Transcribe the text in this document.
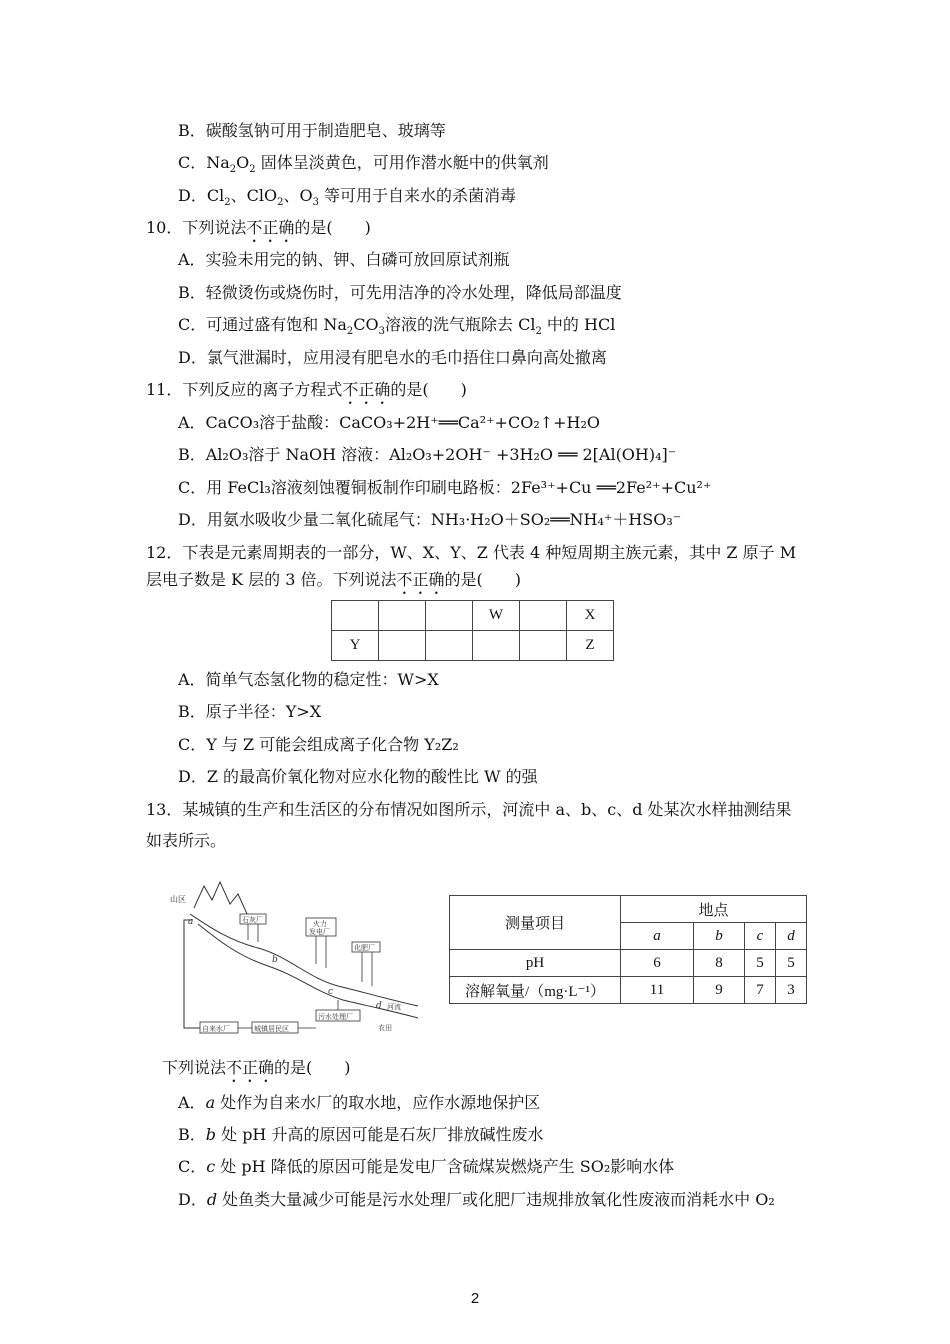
B．碳酸氢钠可用于制造肥皂、玻璃等
C．$Na_2O_2$ 固体呈淡黄色，可用作潜水艇中的供氧剂
D．$Cl_2$、ClO$_2$、$O_3$ 等可用于自来水的杀菌消毒
10．下列说法不正确的是(　　)
A．实验未用完的钠、钾、白磷可放回原试剂瓶
B．轻微烫伤或烧伤时，可先用洁净的冷水处理，降低局部温度
C．可通过盛有饱和 $Na_2CO_3$溶液的洗气瓶除去 $Cl_2$ 中的 HCl
D．氯气泄漏时，应用浸有肥皂水的毛巾捂住口鼻向高处撤离
11．下列反应的离子方程式不正确的是(　　)
A．CaCO₃溶于盐酸：CaCO₃+2H⁺══Ca²⁺+CO₂↑+H₂O
B．Al₂O₃溶于 NaOH 溶液：Al₂O₃+2OH⁻ +3H₂O ══ 2[Al(OH)₄]⁻
C．用 FeCl₃溶液刻蚀覆铜板制作印刷电路板：2Fe³⁺+Cu ══2Fe²⁺+Cu²⁺
D．用氨水吸收少量二氧化硫尾气：NH₃·H₂O＋SO₂══NH₄⁺＋HSO₃⁻
12．下表是元素周期表的一部分，W、X、Y、Z 代表 4 种短周期主族元素，其中 Z 原子 M
层电子数是 K 层的 3 倍。下列说法不正确的是(　　)
			W		X
Y					Z
A．简单气态氢化物的稳定性：W>X
B．原子半径：Y>X
C．Y 与 Z 可能会组成离子化合物 Y₂Z₂
D．Z 的最高价氧化物对应水化物的酸性比 W 的强
13．某城镇的生产和生活区的分布情况如图所示，河流中 a、b、c、d 处某次水样抽测结果
如表所示。
山区
a
b
c
d 河流
石灰厂	火力
发电厂
化肥厂
自来水厂	城镇居民区
污水处理厂
农田
测量项目	地点			
	a	b	c	d
pH	6	8	5	5
溶解氧量/（mg·L⁻¹）	11	9	7	3
下列说法不正确的是(　　)
A．a 处作为自来水厂的取水地，应作水源地保护区
B．b 处 pH 升高的原因可能是石灰厂排放碱性废水
C．c 处 pH 降低的原因可能是发电厂含硫煤炭燃烧产生 SO₂影响水体
D．d 处鱼类大量减少可能是污水处理厂或化肥厂违规排放氧化性废液而消耗水中 O₂
2
